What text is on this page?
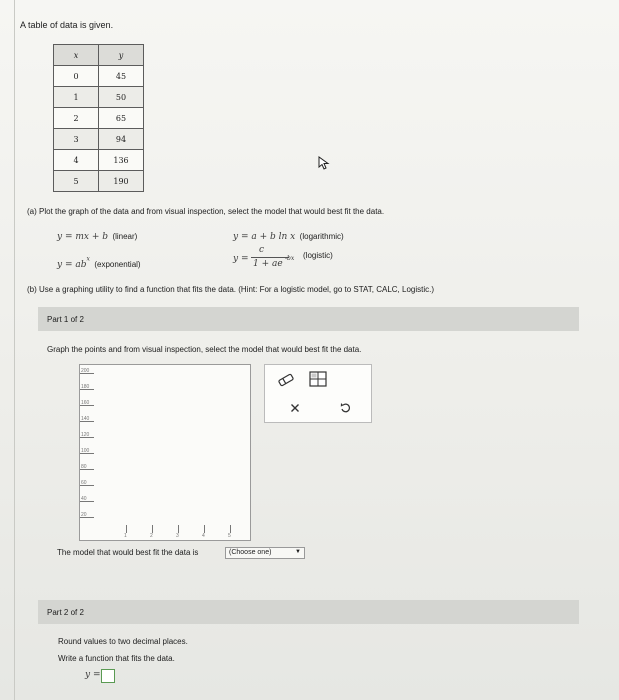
A table of data is given.
x	y
0	45
1	50
2	65
3	94
4	136
5	190
(a) Plot the graph of the data and from visual inspection, select the model that would best fit the data.
y = mx + b (linear)	y = a + b ln x (logarithmic)
$y = ab^x$ (exponential)
y =
c
1 + ae
-bx (logistic)
(b) Use a graphing utility to find a function that fits the data. (Hint: For a logistic model, go to STAT, CALC, Logistic.)
Part 1 of 2
Graph the points and from visual inspection, select the model that would best fit the data.
200
180
160
140
120
100
80
60
40
20
1	2	3	4	5
The model that would best fit the data is	(Choose one)	▼
Part 2 of 2
Round values to two decimal places.
Write a function that fits the data.
y =
